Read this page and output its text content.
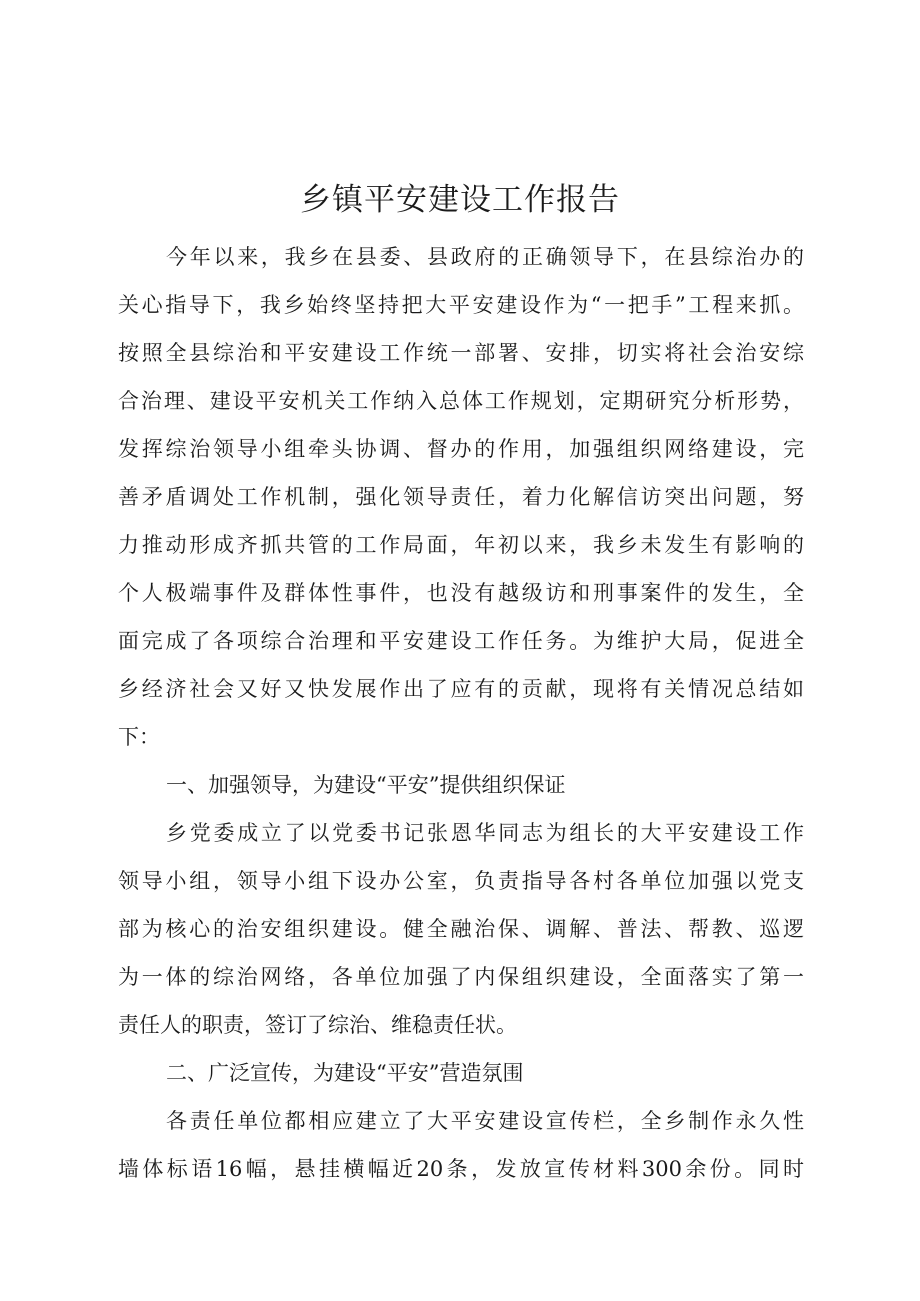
乡镇平安建设工作报告
今年以来，我乡在县委、县政府的正确领导下，在县综治办的
关心指导下，我乡始终坚持把大平安建设作为“一把手”工程来抓。
按照全县综治和平安建设工作统一部署、安排，切实将社会治安综
合治理、建设平安机关工作纳入总体工作规划，定期研究分析形势，
发挥综治领导小组牵头协调、督办的作用，加强组织网络建设，完
善矛盾调处工作机制，强化领导责任，着力化解信访突出问题，努
力推动形成齐抓共管的工作局面，年初以来，我乡未发生有影响的
个人极端事件及群体性事件，也没有越级访和刑事案件的发生，全
面完成了各项综合治理和平安建设工作任务。为维护大局，促进全
乡经济社会又好又快发展作出了应有的贡献，现将有关情况总结如
下：
一、加强领导，为建设“平安”提供组织保证
乡党委成立了以党委书记张恩华同志为组长的大平安建设工作
领导小组，领导小组下设办公室，负责指导各村各单位加强以党支
部为核心的治安组织建设。健全融治保、调解、普法、帮教、巡逻
为一体的综治网络，各单位加强了内保组织建设，全面落实了第一
责任人的职责，签订了综治、维稳责任状。
二、广泛宣传，为建设“平安”营造氛围
各责任单位都相应建立了大平安建设宣传栏，全乡制作永久性
墙体标语16幅，悬挂横幅近20条，发放宣传材料300余份。同时
